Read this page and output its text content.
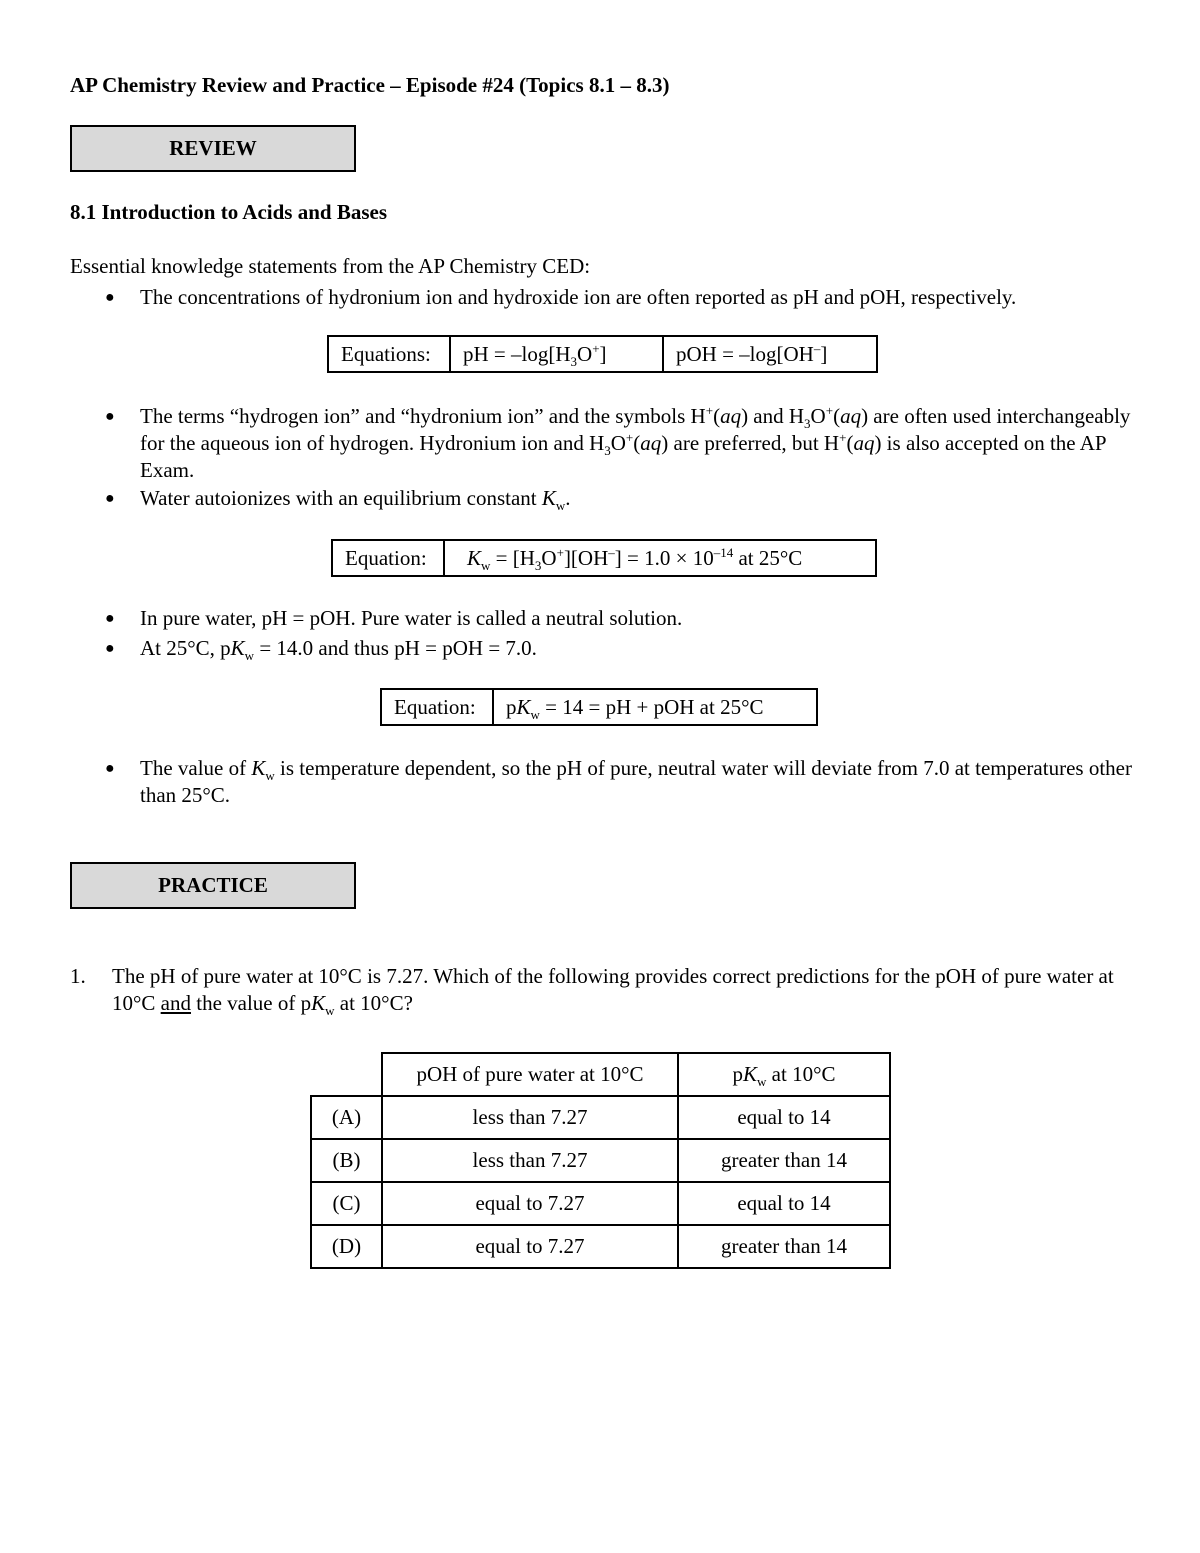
AP Chemistry Review and Practice – Episode #24 (Topics 8.1 – 8.3)
REVIEW
8.1 Introduction to Acids and Bases
Essential knowledge statements from the AP Chemistry CED:
● The concentrations of hydronium ion and hydroxide ion are often reported as pH and pOH, respectively.
Equations:	pH = $-\log[H_3O^+]$	pOH = –log[OH–]
● The terms “hydrogen ion” and “hydronium ion” and the symbols H+(aq) and $H_3O^+(aq)$ are often used interchangeably for the aqueous ion of hydrogen. Hydronium ion and $H_3O^+(aq)$ are preferred, but H+(aq) is also accepted on the AP Exam.
● Water autoionizes with an equilibrium constant $K_w$.
Equation:	$K_w = [H_3O^+][OH^-] = 1.0 \times 10^{-14}$ at 25°C
● In pure water, pH = pOH. Pure water is called a neutral solution.
● At 25°C, $pK_w = 14.0$ and thus pH = pOH = 7.0.
Equation:	$pK_w = 14$ = pH + pOH at 25°C
● The value of $K_w$ is temperature dependent, so the pH of pure, neutral water will deviate from 7.0 at temperatures other than 25°C.
PRACTICE
1. The pH of pure water at 10°C is 7.27. Which of the following provides correct predictions for the pOH of pure water at 10°C and the value of $pK_w$ at 10°C?
	pOH of pure water at 10°C	$pK_w$ at 10°C
(A)	less than 7.27	equal to 14
(B)	less than 7.27	greater than 14
(C)	equal to 7.27	equal to 14
(D)	equal to 7.27	greater than 14
